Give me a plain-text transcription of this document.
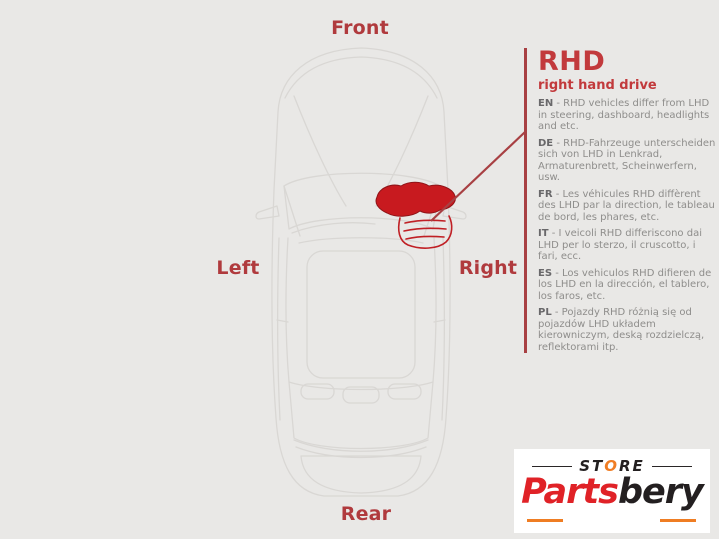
Front
Left	Right
Rear
RHD
right hand drive
EN - RHD vehicles differ from LHD in steering, dashboard, headlights and etc.
DE - RHD-Fahrzeuge unterscheiden sich von LHD in Lenkrad, Armaturenbrett, Scheinwerfern, usw.
FR - Les véhicules RHD diffèrent des LHD par la direction, le tableau de bord, les phares, etc.
IT - I veicoli RHD differiscono dai LHD per lo sterzo, il cruscotto, i fari, ecc.
ES - Los vehiculos RHD difieren de los LHD en la dirección, el tablero, los faros, etc.
PL - Pojazdy RHD różnią się od pojazdów LHD układem kierowniczym, deską rozdzielczą, reflektorami itp.
STORE
Partsbery
